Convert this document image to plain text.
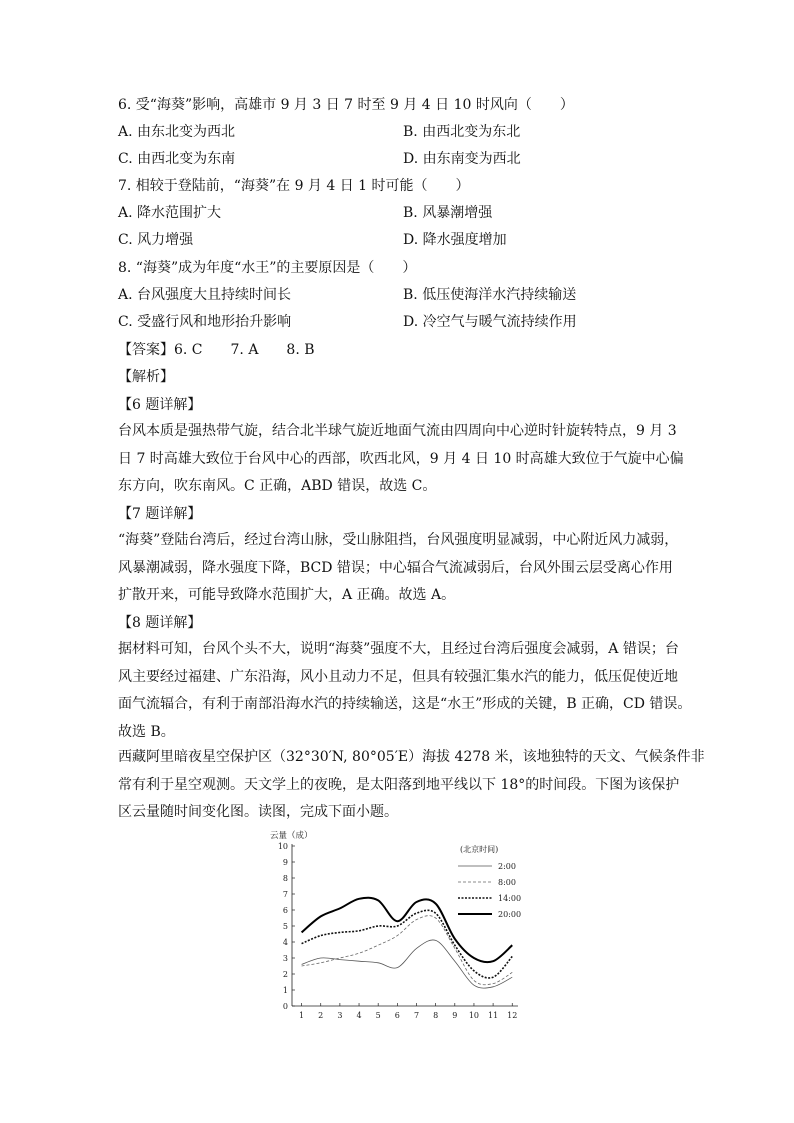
6. 受“海葵”影响，高雄市 9 月 3 日 7 时至 9 月 4 日 10 时风向（　　）
A. 由东北变为西北	B. 由西北变为东北
C. 由西北变为东南	D. 由东南变为西北
7. 相较于登陆前，“海葵”在 9 月 4 日 1 时可能（　　）
A. 降水范围扩大	B. 风暴潮增强
C. 风力增强	D. 降水强度增加
8. “海葵”成为年度“水王”的主要原因是（　　）
A. 台风强度大且持续时间长	B. 低压使海洋水汽持续输送
C. 受盛行风和地形抬升影响	D. 冷空气与暖气流持续作用
【答案】6. C　　7. A　　8. B
【解析】
【6 题详解】
台风本质是强热带气旋，结合北半球气旋近地面气流由四周向中心逆时针旋转特点，9 月 3
日 7 时高雄大致位于台风中心的西部，吹西北风，9 月 4 日 10 时高雄大致位于气旋中心偏
东方向，吹东南风。C 正确，ABD 错误，故选 C。
【7 题详解】
“海葵”登陆台湾后，经过台湾山脉，受山脉阻挡，台风强度明显减弱，中心附近风力减弱，
风暴潮减弱，降水强度下降，BCD 错误；中心辐合气流减弱后，台风外围云层受离心作用
扩散开来，可能导致降水范围扩大，A 正确。故选 A。
【8 题详解】
据材料可知，台风个头不大，说明“海葵”强度不大，且经过台湾后强度会减弱，A 错误；台
风主要经过福建、广东沿海，风小且动力不足，但具有较强汇集水汽的能力，低压促使近地
面气流辐合，有利于南部沿海水汽的持续输送，这是“水王”形成的关键，B 正确，CD 错误。
故选 B。
西藏阿里暗夜星空保护区（32°30′N, 80°05′E）海拔 4278 米，该地独特的天文、气候条件非
常有利于星空观测。天文学上的夜晚，是太阳落到地平线以下 18°的时间段。下图为该保护
区云量随时间变化图。读图，完成下面小题。
0
1
2
3
4
5
6
7
8
9
10
1 2 3 4 5 6 7 8 9 10 11 12
云量（成）
(北京时间)
2:00
8:00
14:00
20:00
